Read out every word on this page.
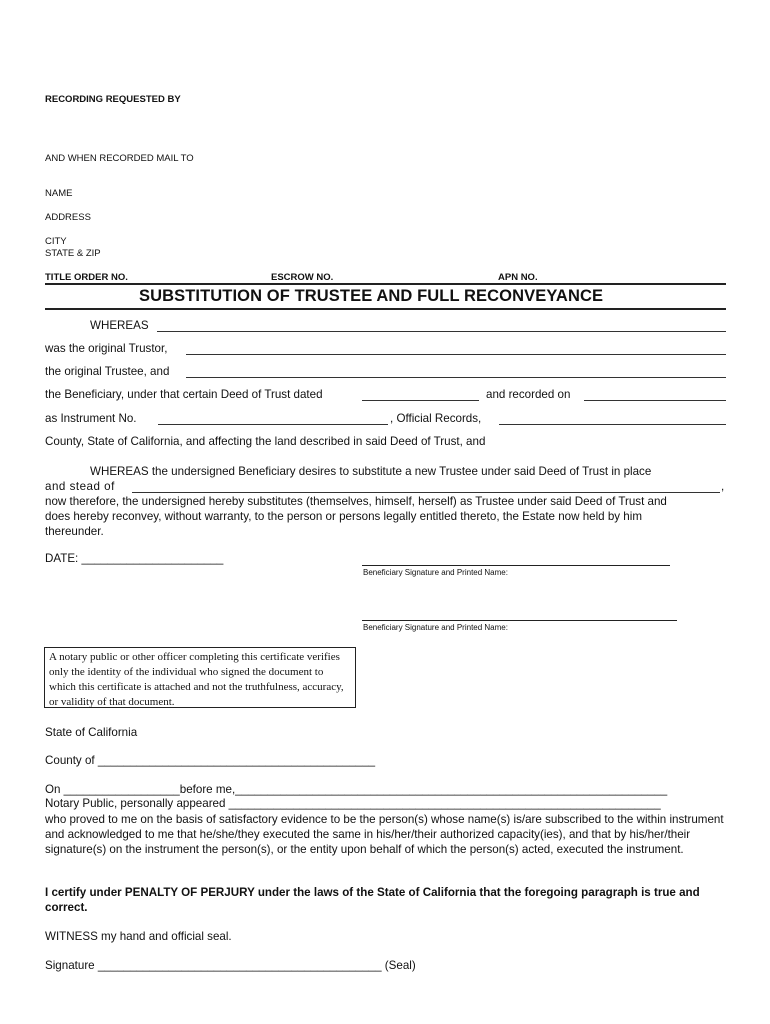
RECORDING REQUESTED BY
AND WHEN RECORDED MAIL TO
NAME
ADDRESS
CITY
STATE & ZIP
TITLE ORDER NO.	ESCROW NO.	APN NO.
SUBSTITUTION OF TRUSTEE AND FULL RECONVEYANCE
WHEREAS
was the original Trustor,
the original Trustee, and
the Beneficiary, under that certain Deed of Trust dated	and recorded on
as Instrument No.	, Official Records,
County, State of California, and affecting the land described in said Deed of Trust, and
WHEREAS the undersigned Beneficiary desires to substitute a new Trustee under said Deed of Trust in place
and stead of	,
now therefore, the undersigned hereby substitutes (themselves, himself, herself) as Trustee under said Deed of Trust and
does hereby reconvey, without warranty, to the person or persons legally entitled thereto, the Estate now held by him
thereunder.
DATE: ______________________
Beneficiary Signature and Printed Name:
Beneficiary Signature and Printed Name:
A notary public or other officer completing this certificate verifies only the identity of the individual who signed the document to which this certificate is attached and not the truthfulness, accuracy, or validity of that document.
State of California
County of ___________________________________________
On __________________before me,___________________________________________________________________
Notary Public, personally appeared ___________________________________________________________________
who proved to me on the basis of satisfactory evidence to be the person(s) whose name(s) is/are subscribed to the within instrument and acknowledged to me that he/she/they executed the same in his/her/their authorized capacity(ies), and that by his/her/their signature(s) on the instrument the person(s), or the entity upon behalf of which the person(s) acted, executed the instrument.
I certify under PENALTY OF PERJURY under the laws of the State of California that the foregoing paragraph is true and correct.
WITNESS my hand and official seal.
Signature ____________________________________________ (Seal)
